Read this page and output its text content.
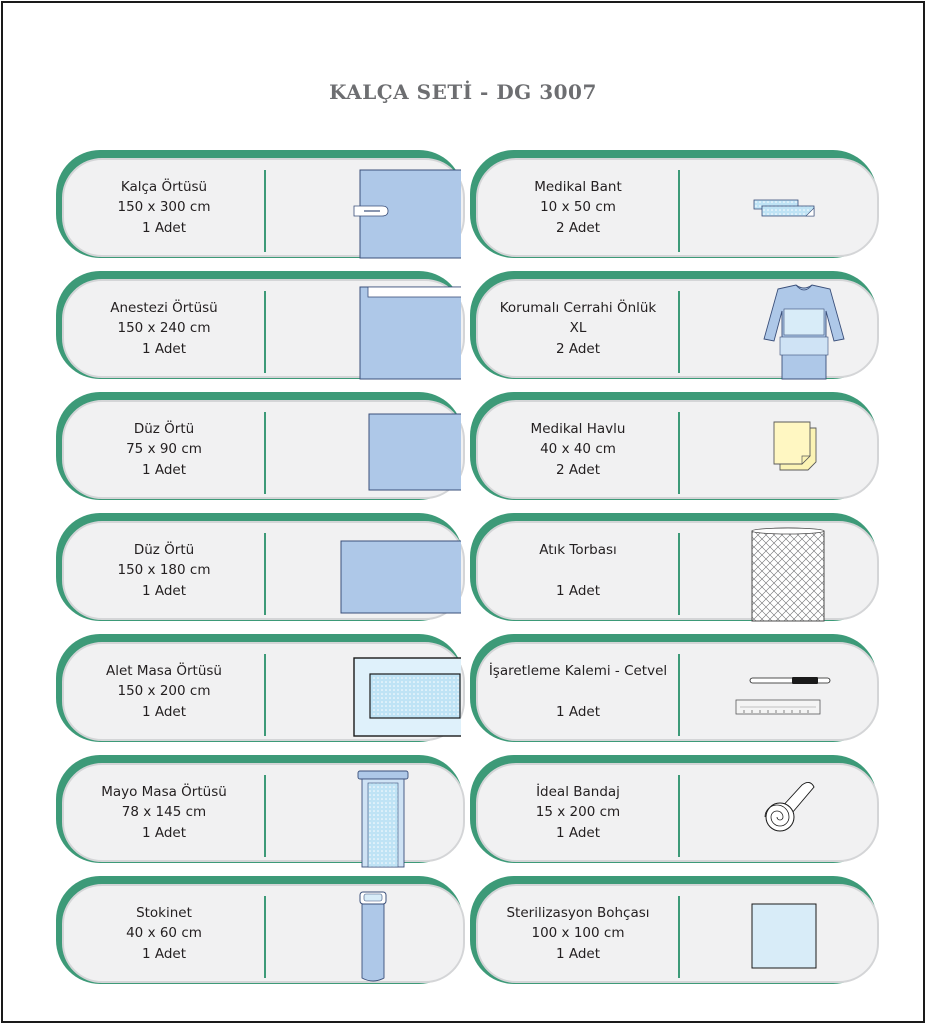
KALÇA SETİ - DG 3007
Kalça Örtüsü
150 x 300 cm
1 Adet
Medikal Bant
10 x 50 cm
2 Adet
Anestezi Örtüsü
150 x 240 cm
1 Adet
Korumalı Cerrahi Önlük
XL
2 Adet
Düz Örtü
75 x 90 cm
1 Adet
Medikal Havlu
40 x 40 cm
2 Adet
Düz Örtü
150 x 180 cm
1 Adet
Atık Torbası
1 Adet
Alet Masa Örtüsü
150 x 200 cm
1 Adet
İşaretleme Kalemi - Cetvel
1 Adet
Mayo Masa Örtüsü
78 x 145 cm
1 Adet
İdeal Bandaj
15 x 200 cm
1 Adet
Stokinet
40 x 60 cm
1 Adet
Sterilizasyon Bohçası
100 x 100 cm
1 Adet
